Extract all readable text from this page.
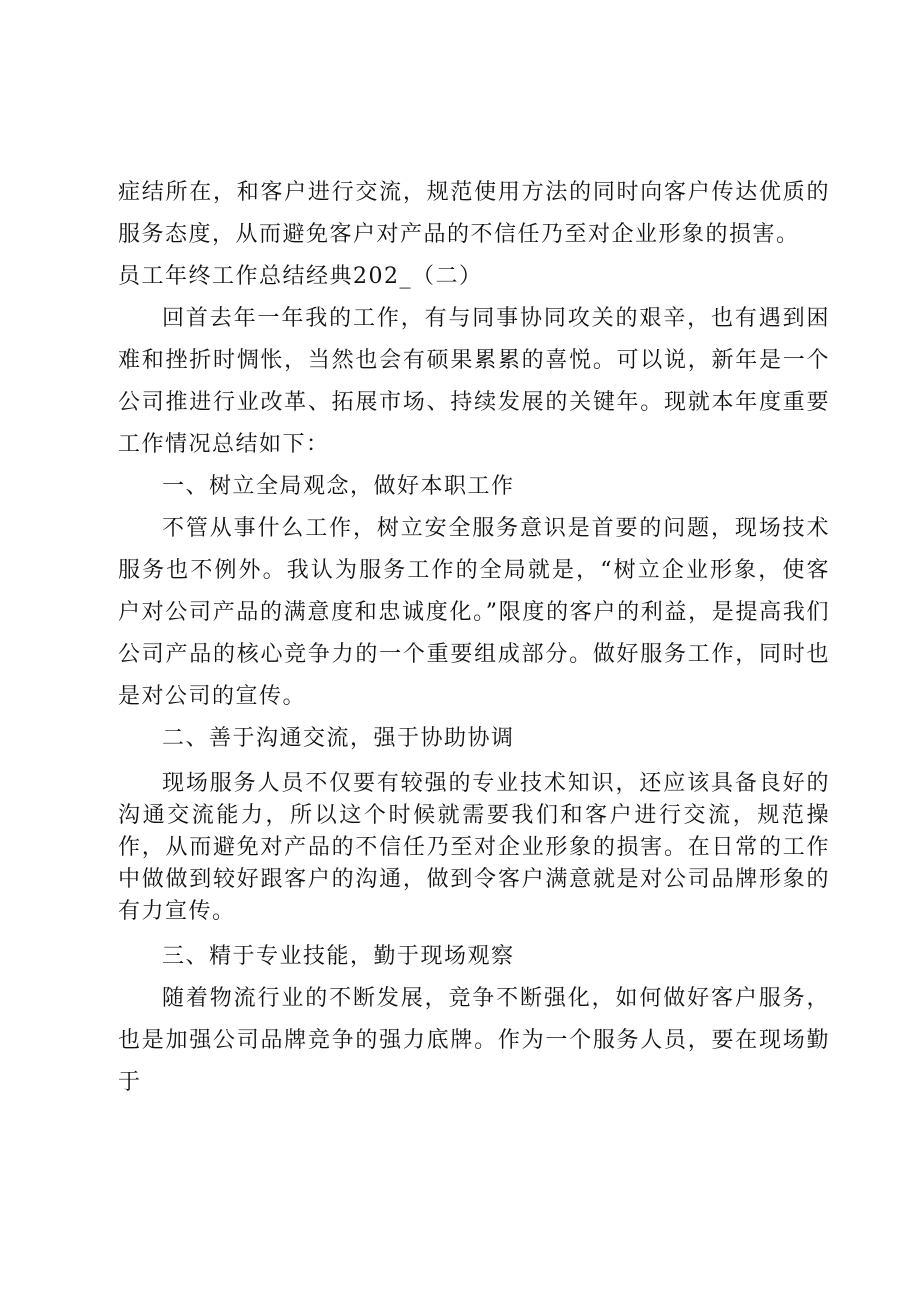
症结所在，和客户进行交流，规范使用方法的同时向客户传达优质的服务态度，从而避免客户对产品的不信任乃至对企业形象的损害。

员工年终工作总结经典202_（二）

回首去年一年我的工作，有与同事协同攻关的艰辛，也有遇到困难和挫折时惆怅，当然也会有硕果累累的喜悦。可以说，新年是一个公司推进行业改革、拓展市场、持续发展的关键年。现就本年度重要工作情况总结如下：

一、树立全局观念，做好本职工作

不管从事什么工作，树立安全服务意识是首要的问题，现场技术服务也不例外。我认为服务工作的全局就是，“树立企业形象，使客户对公司产品的满意度和忠诚度化。”限度的客户的利益，是提高我们公司产品的核心竞争力的一个重要组成部分。做好服务工作，同时也是对公司的宣传。

二、善于沟通交流，强于协助协调

现场服务人员不仅要有较强的专业技术知识，还应该具备良好的沟通交流能力，所以这个时候就需要我们和客户进行交流，规范操作，从而避免对产品的不信任乃至对企业形象的损害。在日常的工作中做做到较好跟客户的沟通，做到令客户满意就是对公司品牌形象的有力宣传。

三、精于专业技能，勤于现场观察

随着物流行业的不断发展，竞争不断强化，如何做好客户服务，也是加强公司品牌竞争的强力底牌。作为一个服务人员，要在现场勤于
